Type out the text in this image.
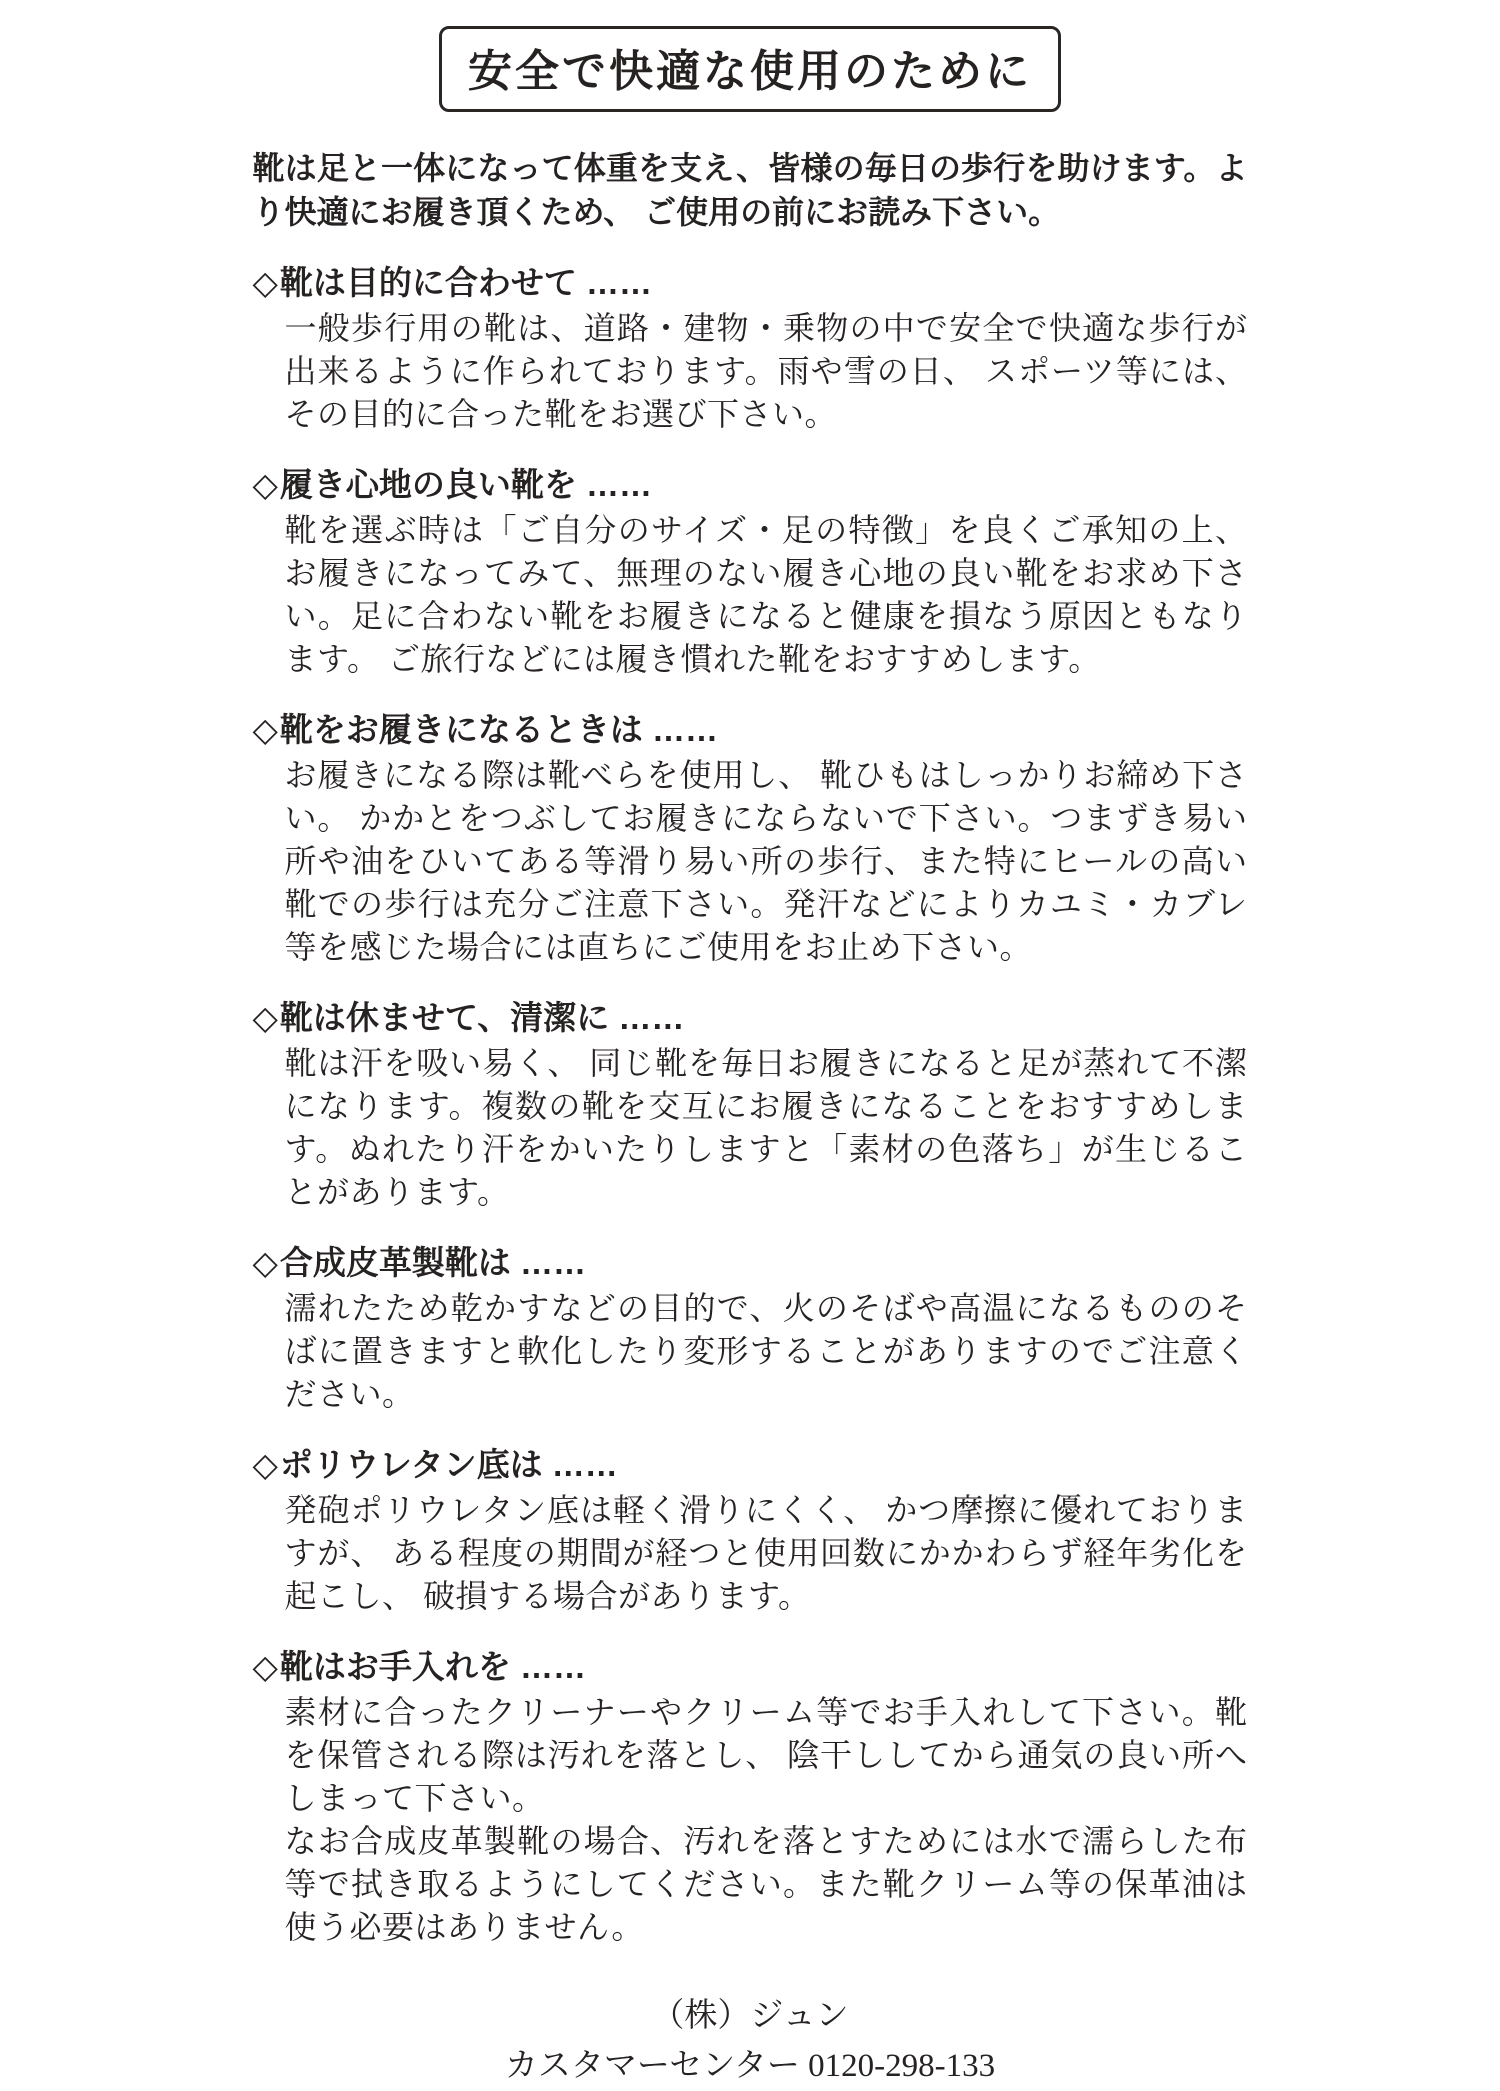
安全で快適な使用のために

靴は足と一体になって体重を支え、皆様の毎日の歩行を助けます。より快適にお履き頂くため、 ご使用の前にお読み下さい。

◇靴は目的に合わせて ……

一般歩行用の靴は、道路・建物・乗物の中で安全で快適な歩行が出来るように作られております。雨や雪の日、 スポーツ等には、 その目的に合った靴をお選び下さい。

◇履き心地の良い靴を ……

靴を選ぶ時は「ご自分のサイズ・足の特徴」を良くご承知の上、 お履きになってみて、無理のない履き心地の良い靴をお求め下さい。足に合わない靴をお履きになると健康を損なう原因ともなります。 ご旅行などには履き慣れた靴をおすすめします。

◇靴をお履きになるときは ……

お履きになる際は靴べらを使用し、 靴ひもはしっかりお締め下さい。 かかとをつぶしてお履きにならないで下さい。つまずき易い所や油をひいてある等滑り易い所の歩行、また特にヒールの高い靴での歩行は充分ご注意下さい。発汗などによりカユミ・カブレ等を感じた場合には直ちにご使用をお止め下さい。

◇靴は休ませて、清潔に ……

靴は汗を吸い易く、 同じ靴を毎日お履きになると足が蒸れて不潔になります。複数の靴を交互にお履きになることをおすすめします。ぬれたり汗をかいたりしますと「素材の色落ち」が生じることがあります。

◇合成皮革製靴は ……

濡れたため乾かすなどの目的で、火のそばや高温になるもののそばに置きますと軟化したり変形することがありますのでご注意ください。

◇ポリウレタン底は ……

発砲ポリウレタン底は軽く滑りにくく、 かつ摩擦に優れておりますが、 ある程度の期間が経つと使用回数にかかわらず経年劣化を起こし、 破損する場合があります。

◇靴はお手入れを ……

素材に合ったクリーナーやクリーム等でお手入れして下さい。靴を保管される際は汚れを落とし、 陰干ししてから通気の良い所へしまって下さい。

なお合成皮革製靴の場合、汚れを落とすためには水で濡らした布等で拭き取るようにしてください。また靴クリーム等の保革油は使う必要はありません。

（株）ジュン
カスタマーセンター 0120-298-133
